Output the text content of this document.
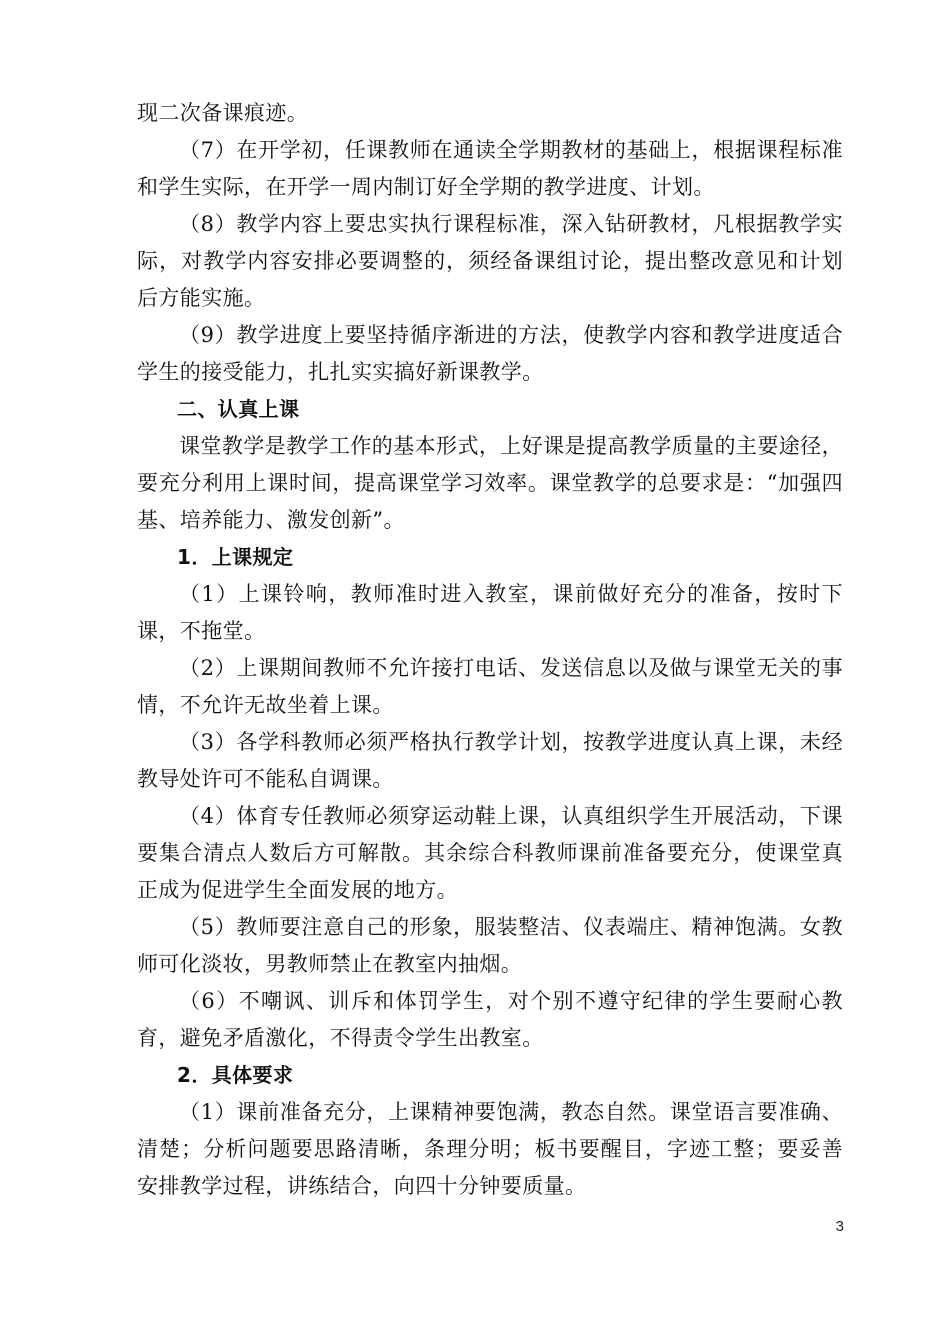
现二次备课痕迹。

（7）在开学初，任课教师在通读全学期教材的基础上，根据课程标准和学生实际，在开学一周内制订好全学期的教学进度、计划。

（8）教学内容上要忠实执行课程标准，深入钻研教材，凡根据教学实际，对教学内容安排必要调整的，须经备课组讨论，提出整改意见和计划后方能实施。

（9）教学进度上要坚持循序渐进的方法，使教学内容和教学进度适合学生的接受能力，扎扎实实搞好新课教学。

二、认真上课

课堂教学是教学工作的基本形式，上好课是提高教学质量的主要途径，要充分利用上课时间，提高课堂学习效率。课堂教学的总要求是：“加强四基、培养能力、激发创新”。

1．上课规定

（1）上课铃响，教师准时进入教室，课前做好充分的准备，按时下课，不拖堂。

（2）上课期间教师不允许接打电话、发送信息以及做与课堂无关的事情，不允许无故坐着上课。

（3）各学科教师必须严格执行教学计划，按教学进度认真上课，未经教导处许可不能私自调课。

（4）体育专任教师必须穿运动鞋上课，认真组织学生开展活动，下课要集合清点人数后方可解散。其余综合科教师课前准备要充分，使课堂真正成为促进学生全面发展的地方。

（5）教师要注意自己的形象，服装整洁、仪表端庄、精神饱满。女教师可化淡妆，男教师禁止在教室内抽烟。

（6）不嘲讽、训斥和体罚学生，对个别不遵守纪律的学生要耐心教育，避免矛盾激化，不得责令学生出教室。

2．具体要求

（1）课前准备充分，上课精神要饱满，教态自然。课堂语言要准确、清楚；分析问题要思路清晰，条理分明；板书要醒目，字迹工整；要妥善安排教学过程，讲练结合，向四十分钟要质量。

3
